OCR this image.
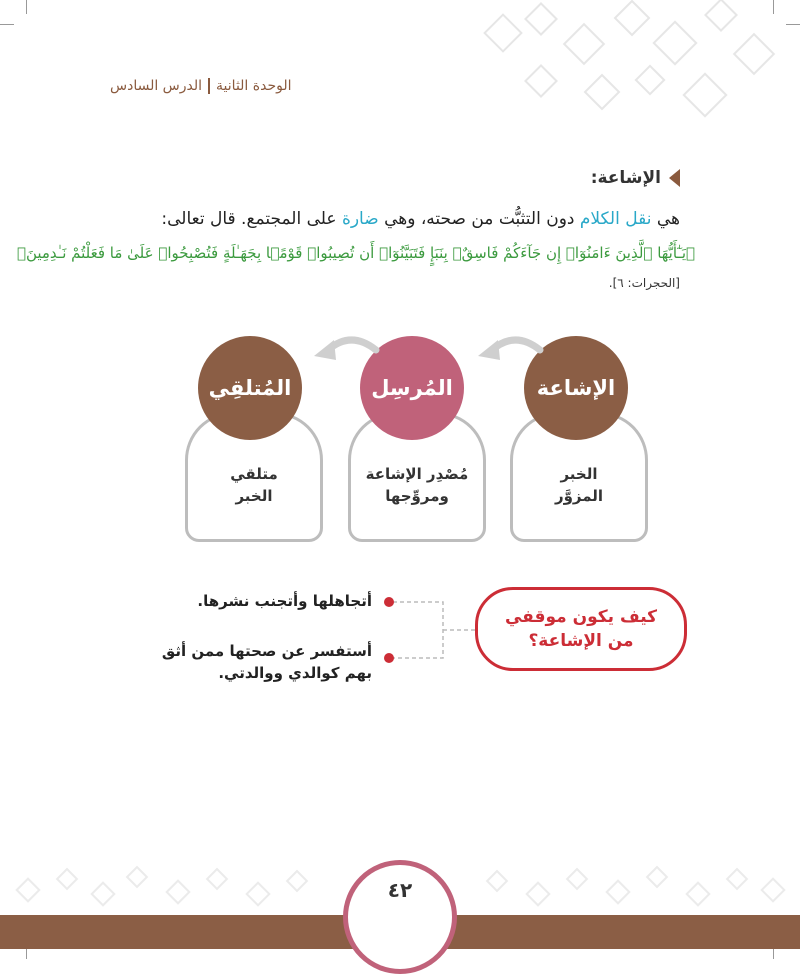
الوحدة الثانيةالدرس السادس
الإشاعة:
هي نقل الكلام دون التثبُّت من صحته، وهي ضارة على المجتمع. قال تعالى:
﴿يَـٰٓأَيُّهَا ٱلَّذِينَ ءَامَنُوٓا۟ إِن جَآءَكُمْ فَاسِقٌۢ بِنَبَإٍ فَتَبَيَّنُوٓا۟ أَن تُصِيبُوا۟ قَوْمًۢا بِجَهَـٰلَةٍ فَتُصْبِحُوا۟ عَلَىٰ مَا فَعَلْتُمْ نَـٰدِمِينَ﴾
[الحجرات: ٦].
الخبر
المزوَّر
مُصْدِر الإشاعة
ومروِّجها
متلقي
الخبر
الإشاعة
المُرسِل
المُتلقِي
كيف يكون موقفي
من الإشاعة؟
أتجاهلها وأتجنب نشرها.
أستفسر عن صحتها ممن أثق
بهم كوالدي ووالدتي.
٤٢
